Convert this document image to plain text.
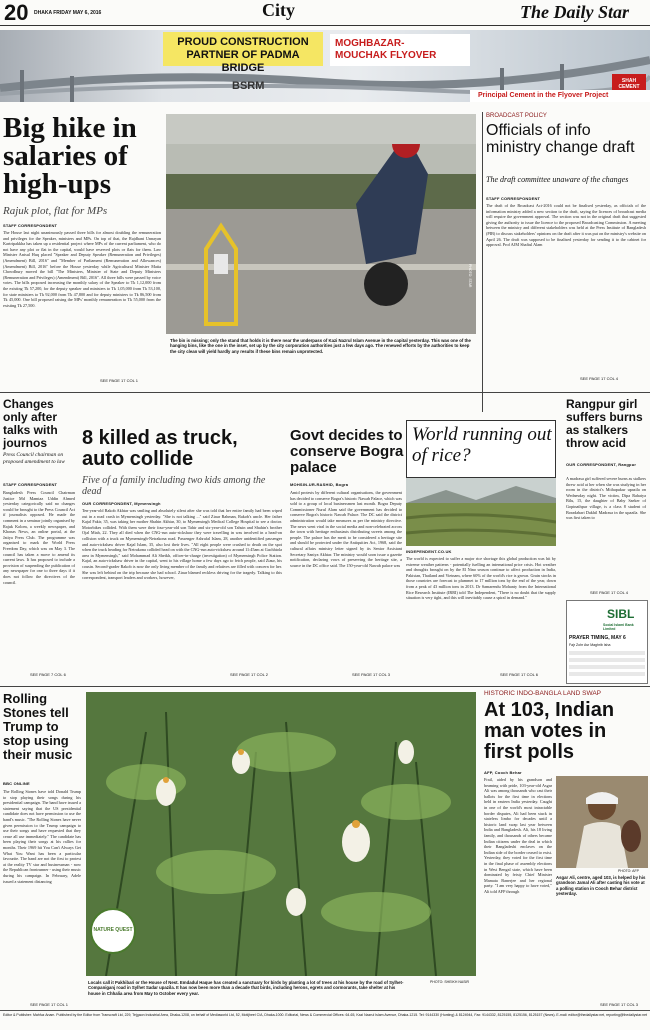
20 DHAKA FRIDAY MAY 6, 2016	City	The Daily Star
PROUD CONSTRUCTION
PARTNER OF PADMA BRIDGE
BSRM
MOGHBAZAR-MOUCHAK FLYOVER
SHAH CEMENT
Principal Cement in the Flyover Project
Big hike in salaries of high-ups
Rajuk plot, flat for MPs
STAFF CORRESPONDENT
The House last night unanimously passed three bills for almost doubling the remuneration and privileges for the Speaker, ministers and MPs. On top of that, the Rajdhani Unnayan Kartripakkha has taken up a residential project where MPs of the current parliament, who do not have any plot or flat in the capital, would have reserved plots or flats for them. Law Minister Anisul Huq placed "Speaker and Deputy Speaker (Remuneration and Privileges) (Amendment) Bill, 2016" and "Member of Parliament (Remuneration and Allowances) (Amendment) Bill, 2016" before the House yesterday while Agricultural Minister Matia Chowdhury moved the bill "The Ministers, Minister of State and Deputy Ministers (Remuneration and Privileges) (Amendment) Bill, 2016". All three bills were passed by voice votes. The bills proposed increasing the monthly salary of the Speaker to Tk 1,12,000 from the existing Tk 57,200, for the deputy speaker and ministers to Tk 1,05,000 from Tk 53,100, for state ministers to Tk 92,000 from Tk 47,800 and for deputy ministers to Tk 86,500 from Tk 45,000. One bill proposed raising the MPs' monthly remuneration to Tk 55,000 from the existing Tk 27,500.
SEE PAGE 17 COL 1
PHOTO: STAR
The bin is missing; only the stand that holds it is there near the underpass of Kazi Nazrul Islam Avenue in the capital yesterday. This was one of the hanging bins, like the one in the inset, set up by the city corporation authorities just a few days ago. The renewed efforts by the authorities to keep the city clean will yield hardly any results if these bins remain unprotected.
BROADCAST POLICY
Officials of info ministry change draft
The draft committee unaware of the changes
STAFF CORRESPONDENT
The draft of the Broadcast Act-2016 could not be finalised yesterday, as officials of the information ministry added a new section to the draft, saying the licences of broadcast media will require the government approval. The section was not in the original draft that suggested giving the authority to issue the licence to the proposed Broadcasting Commission. A meeting between the ministry and different stakeholders was held at the Press Institute of Bangladesh (PIB) to discuss stakeholders' opinions on the draft after it was put on the ministry's website on April 26. The draft was supposed to be finalised yesterday for sending it to the cabinet for approval. Prof AJM Shafiul Alam
SEE PAGE 17 COL 4
Changes only after talks with journos
Press Council chairman on proposed amendment to law
STAFF CORRESPONDENT
Bangladesh Press Council Chairman Justice Md Mamtaz Uddin Ahmed yesterday categorically said no changes would be brought to the Press Council Act if journalists opposed. He made the comment in a seminar jointly organised by Rajuk Kolom, a weekly newspaper, and Khonas News, an online portal, at the Jatiya Press Club. The programme was organised to mark the World Press Freedom Day, which was on May 3. The council has taken a move to amend its current laws. It has proposed to include a provision of suspending the publication of any newspaper for one to three days if it does not follow the directives of the council.
SEE PAGE 7 COL 6
8 killed as truck, auto collide
Five of a family including two kids among the dead
OUR CORRESPONDENT, Mymensingh
Ten-year-old Rakob Akhtar was smiling and absolutely silent after she was told that her entire family had been wiped out in a road crash in Mymensingh yesterday. "She is not talking ..." said Ziaur Rahman, Rakob's uncle. Her father Kajal Fakir, 35, was taking her mother Shahin Akhtar, 30, to Mymensingh Medical College Hospital to see a doctor. Motorbikes collided. With them were their four-year-old son Tahir and six-year-old son Tahsin and Shahin's brother Ojal Miah, 22. They all died when the CNG-run auto-rickshaw they were travelling in was involved in a head-on collision with a truck on Mymensingh-Netrakona road. Passenger Ashrafal Islam, 28, another unidentified passenger and auto-rickshaw driver Kajal Islam, 35, also lost their lives. "All eight people were crushed to death on the spot when the truck heading for Netrakona collided head on with the CNG-run auto-rickshaw around 11:45am at Gachhtola area in Mymensingh," said Mohammad Ali Sheikh, officer-in-charge (investigation) of Mymensingh Police Station. Kajal, an auto-rickshaw driver in the capital, went to his village home a few days ago to fetch people, said Ziaur, his cousin. Second-grader Rakob is now the only living member of the family and relatives are filled with concern for her. She was left behind on the trip because she had school. Ziaur blamed reckless driving for the tragedy. Talking to this correspondent, transport leaders and workers, however,
SEE PAGE 17 COL 2
Govt decides to conserve Bogra palace
MOHSIN-UR-RASHID, Bogra
Amid protests by different cultural organisations, the government has decided to conserve Bogra's historic Nawab Palace, which was sold to a group of local businessmen last month. Bogra Deputy Commissioner Nurul Alam said the government has decided to conserve Bogra's historic Nawab Palace. The DC said the district administration would take measures as per the ministry directive. The news went viral in the social media and non-celebrated across the town with heritage enthusiasts distributing sweets among the people. The palace has the merit to be considered a heritage site and should be protected under the Antiquities Act, 1968, said the cultural affairs ministry letter signed by its Senior Assistant Secretary Saniya Akhtar. The ministry would soon issue a gazette notification, declaring vows of preserving the heritage site, a source in the DC office said. The 150-year-old Nawab palace was
SEE PAGE 17 COL 3
World running out of rice?
INDEPENDENT.CO.UK
The world is expected to suffer a major rice shortage this global production was hit by extreme weather patterns - potentially fuelling an international price crisis. Hot weather and droughts brought on by the El Nino season continue to affect production in India, Pakistan, Thailand and Vietnam, where 60% of the world's rice is grown. Grain stocks in those countries are forecast to plummet to 17 million tons by the end of the year, down from a peak of 43 million tons in 2013. Dr Samarendu Mohanty from the International Rice Research Institute (IRRI) told The Independent, "There is no doubt that the supply situation is very tight, and this will inevitably cause a spiral in demand."
SEE PAGE 17 COL 6
Rangpur girl suffers burns as stalkers throw acid
OUR CORRESPONDENT, Rangpur
A madrasa girl suffered severe burns as stalkers threw acid at her when she was studying in her room in the district's Mithapukur upazila on Wednesday night. The victim, Dipa Rahaiya Bilu, 15, the daughter of Baby Saeker of Gopinathpur village, is a class 8 student of Boradabari Dakhil Madrasa in the upazila. She was first taken to
SEE PAGE 17 COL 4
SIBL
Social Islami Bank Limited
PRAYER TIMING, MAY 6
Fajr Zohr Asr Maghrib Isha
Rolling Stones tell Trump to stop using their music
BBC ONLINE
The Rolling Stones have told Donald Trump to stop playing their songs during his presidential campaign. The band have issued a statement saying that the US presidential candidate does not have permission to use the band's music. "The Rolling Stones have never given permission to the Trump campaign to use their songs and have requested that they cease all use immediately." The candidate has been playing their songs at his rallies for months. Their 1969 hit You Can't Always Get What You Want has been a particular favourite. The band are not the first to protest at the reality TV star and businessman - now the Republican frontrunner - using their music during his campaign. In February, Adele issued a statement distancing
SEE PAGE 17 COL 1
NATURE QUEST
Locals call it Pakhibari or the House of Nest. Emdadul Haque has created a sanctuary for birds by planting a lot of trees at his house by the road of Sylhet-Companiganj road in Sylhet Sadar upazila. It has now been more than a decade that birds, including herons, egrets and cormorants, take shelter at his house in Chhalia area from May to October every year.
PHOTO: SHEIKH NASIR
HISTORIC INDO-BANGLA LAND SWAP
At 103, Indian man votes in first polls
AFP, Cooch Behar
Frail, aided by his grandson and beaming with pride, 103-year-old Asgar Ali was among thousands who cast their ballots for the first time in elections held in eastern India yesterday. Caught in one of the world's most intractable border disputes, Ali had been stuck in stateless limbo for decades until a historic land swap last year between India and Bangladesh. Ali, his 18 living family, and thousands of others became Indian citizens under the deal in which their Bangladeshi enclaves on the Indian side of the border ceased to exist. Yesterday, they voted for the first time in the final phase of assembly elections in West Bengal state, which have been dominated by feisty Chief Minister Mamata Banerjee and her regional party. "I am very happy to have voted," Ali told AFP through
PHOTO: AFP
Asgar Ali, centre, aged 103, is helped by his grandson Jamal Ali after casting his vote at a polling station in Cooch Behar district yesterday.
SEE PAGE 17 COL 3
Editor & Publisher: Mahfuz Anam. Published by the Editor from Transcraft Ltd, 229, Tejgaon Industrial Area, Dhaka-1208, on behalf of Mediaworld Ltd, 52, Motijheel C/A, Dhaka-1000. Editorial, News & Commercial Offices: 64-65, Kazi Nazrul Islam Avenue, Dhaka-1215. Tel: 9144330 (Hunting) & 8124944, Fax: 9144332, 8125155, 8125156, 8125157 (News). E-mail: editor@thedailystar.net, reporting@thedailystar.net
